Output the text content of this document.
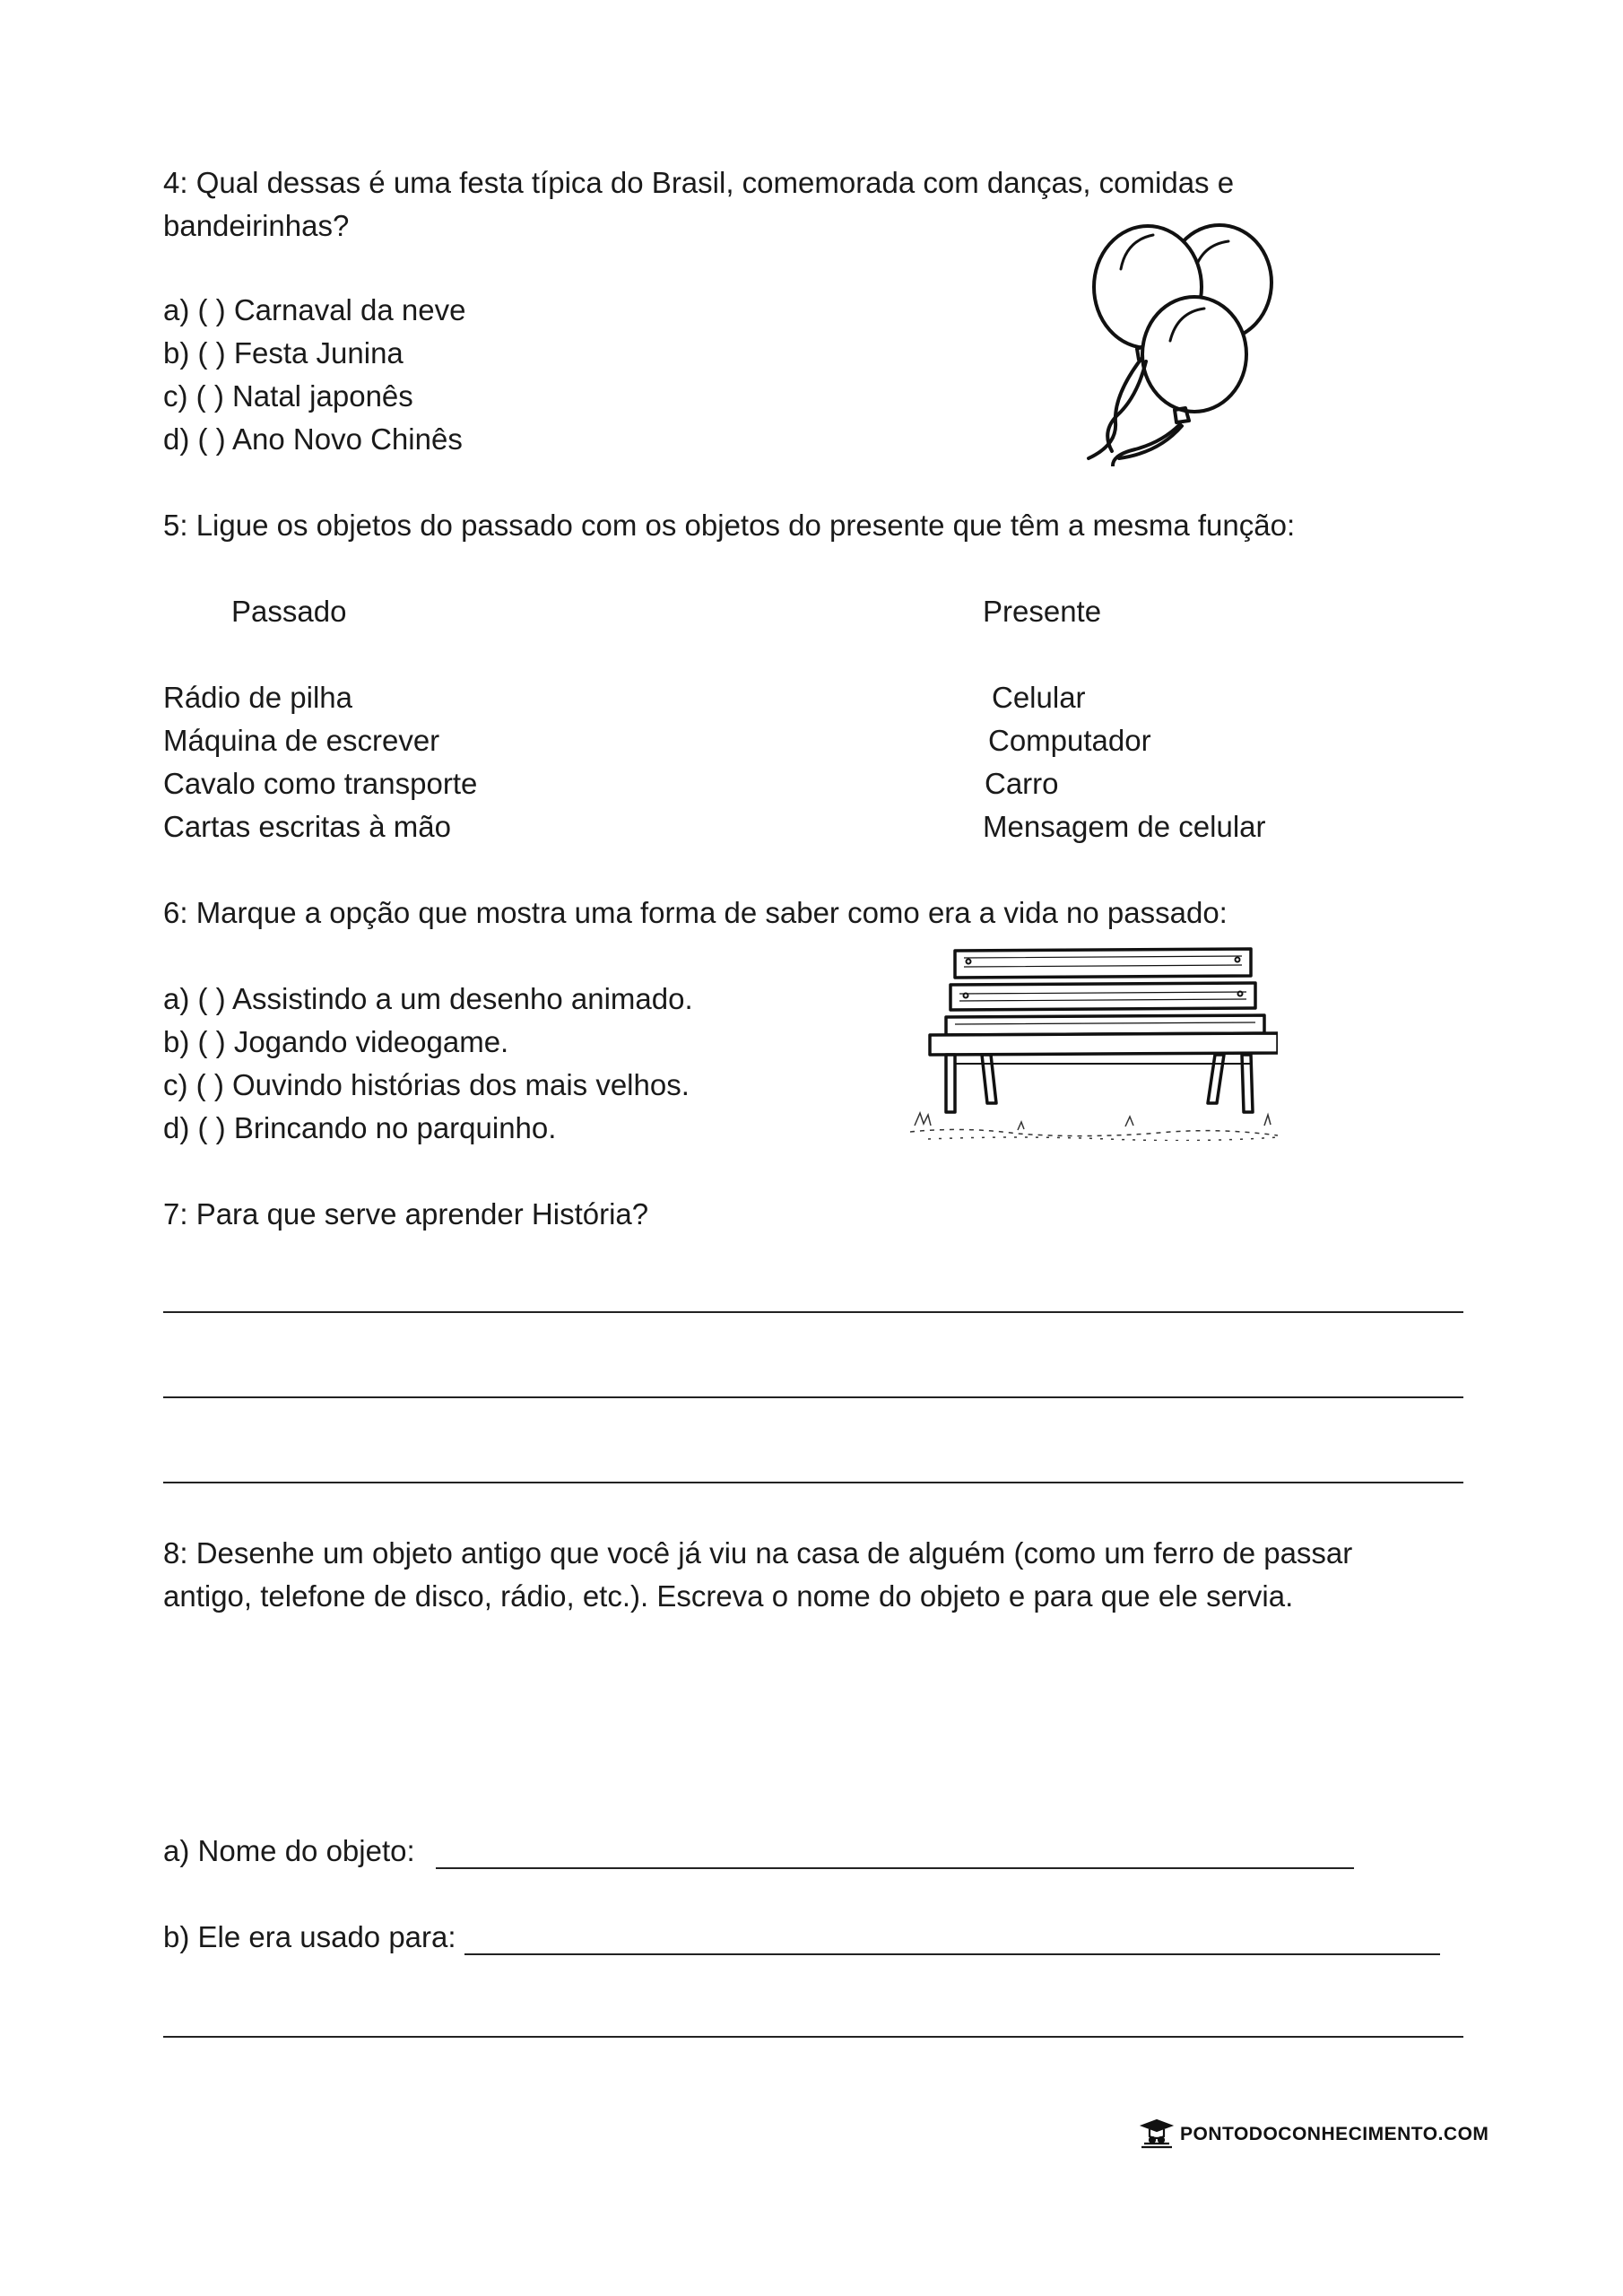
4: Qual dessas é uma festa típica do Brasil, comemorada com danças, comidas e bandeirinhas?
a) ( ) Carnaval da neve
b) ( ) Festa Junina
c) ( ) Natal japonês
d) ( ) Ano Novo Chinês
5: Ligue os objetos do passado com os objetos do presente que têm a mesma função:
Passado	Presente
Rádio de pilha
Máquina de escrever
Cavalo como transporte
Cartas escritas à mão
Celular
Computador
Carro
Mensagem de celular
6: Marque a opção que mostra uma forma de saber como era a vida no passado:
a) ( ) Assistindo a um desenho animado.
b) ( ) Jogando videogame.
c) ( ) Ouvindo histórias dos mais velhos.
d) ( ) Brincando no parquinho.
7: Para que serve aprender História?
8: Desenhe um objeto antigo que você já viu na casa de alguém (como um ferro de passar antigo, telefone de disco, rádio, etc.). Escreva o nome do objeto e para que ele servia.
a) Nome do objeto:
b) Ele era usado para:
PONTODOCONHECIMENTO.COM
